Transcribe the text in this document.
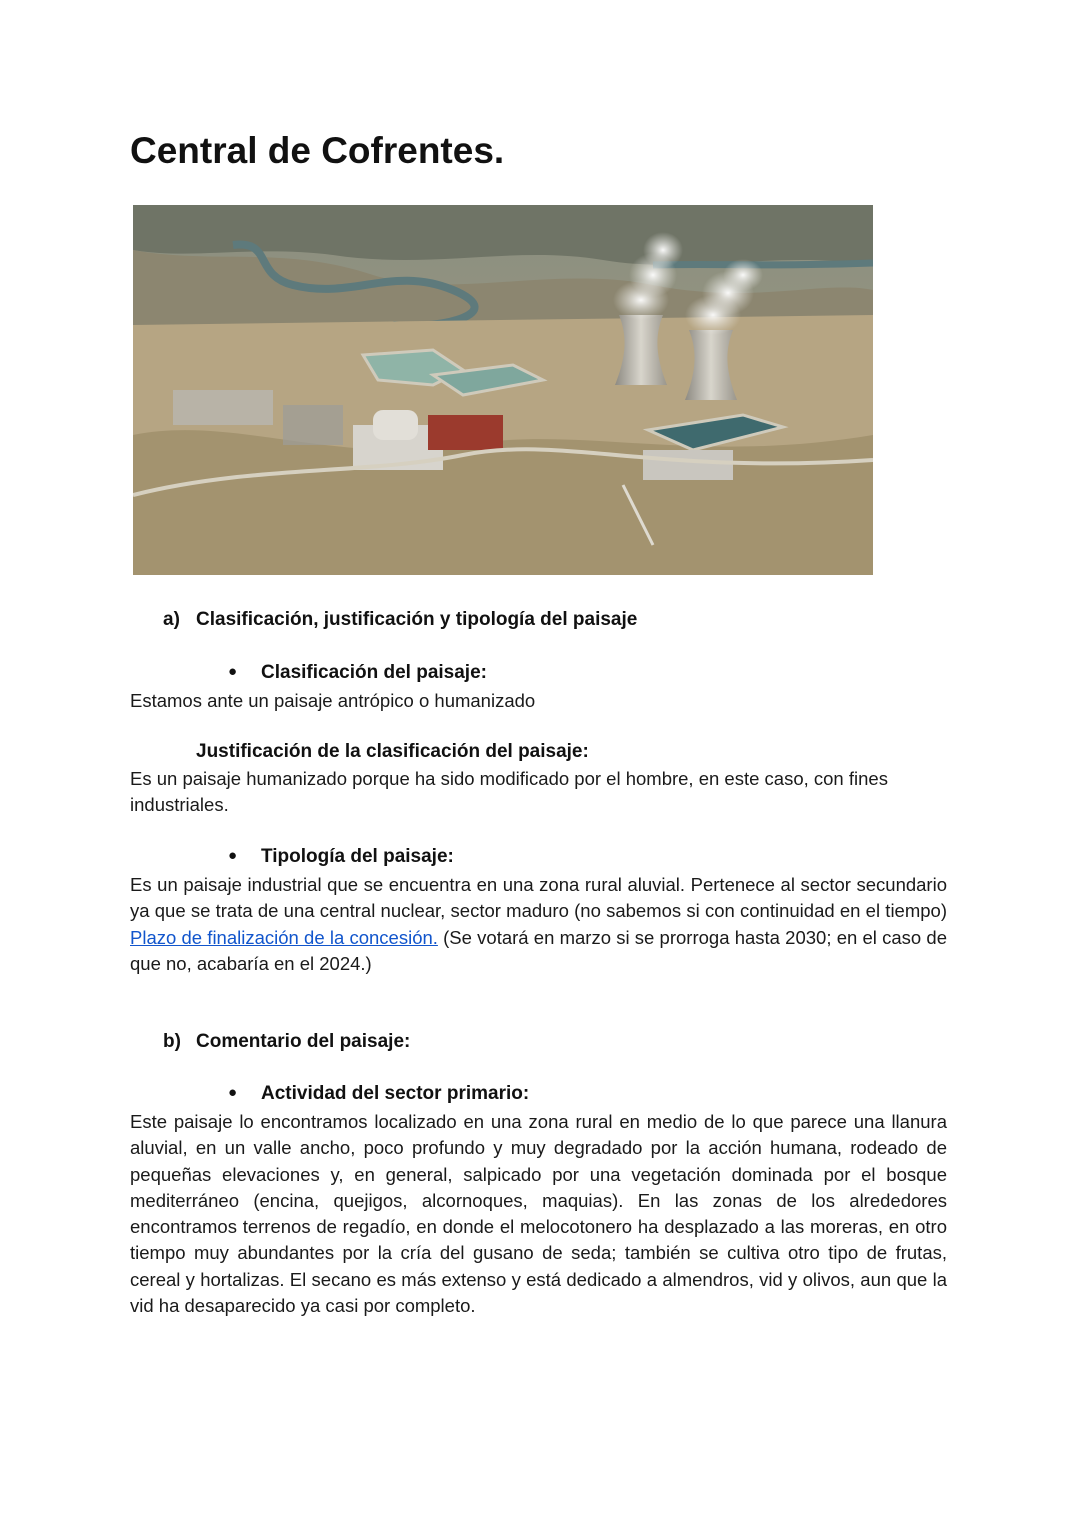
Central de Cofrentes.
a) Clasificación, justificación y tipología del paisaje
● Clasificación del paisaje:

Estamos ante un paisaje antrópico o humanizado

Justificación de la clasificación del paisaje:

Es un paisaje humanizado porque ha sido modificado por el hombre, en este caso, con fines industriales.

● Tipología del paisaje:

Es un paisaje industrial que se encuentra en una zona rural aluvial. Pertenece al sector secundario ya que se trata de una central nuclear, sector maduro (no sabemos si con continuidad en el tiempo) Plazo de finalización de la concesión. (Se votará en marzo si se prorroga hasta 2030; en el caso de que no, acabaría en el 2024.)

b) Comentario del paisaje:
● Actividad del sector primario:

Este paisaje lo encontramos localizado en una zona rural en medio de lo que parece una llanura aluvial, en un valle ancho, poco profundo y muy degradado por la acción humana, rodeado de pequeñas elevaciones y, en general, salpicado por una vegetación dominada por el bosque mediterráneo (encina, quejigos, alcornoques, maquias). En las zonas de los alrededores encontramos terrenos de regadío, en donde el melocotonero ha desplazado a las moreras, en otro tiempo muy abundantes por la cría del gusano de seda; también se cultiva otro tipo de frutas, cereal y hortalizas. El secano es más extenso y está dedicado a almendros, vid y olivos, aun que la vid ha desaparecido ya casi por completo.
